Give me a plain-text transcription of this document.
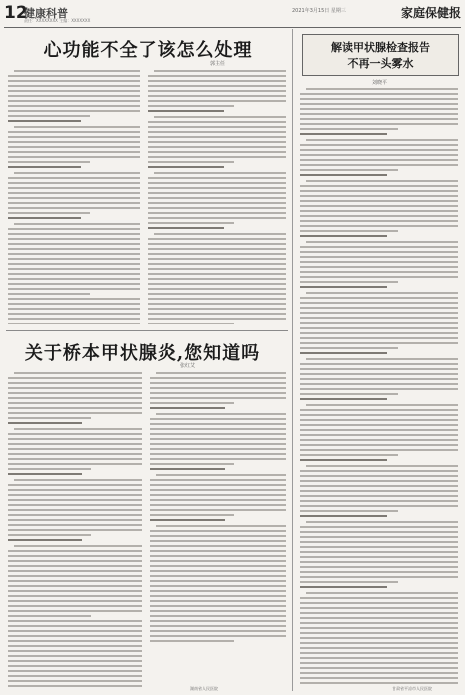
12
健康科普
责任：XXXXXXXX 主编：XXXXXXX
2021年3月15日 星期三	家庭保健报
心功能不全了该怎么处理
郭主任
关于桥本甲状腺炎,您知道吗
张红艾
湖南省人民医院
解读甲状腺检查报告
不再一头雾水
刘晓平
甘肃省平凉市人民医院
